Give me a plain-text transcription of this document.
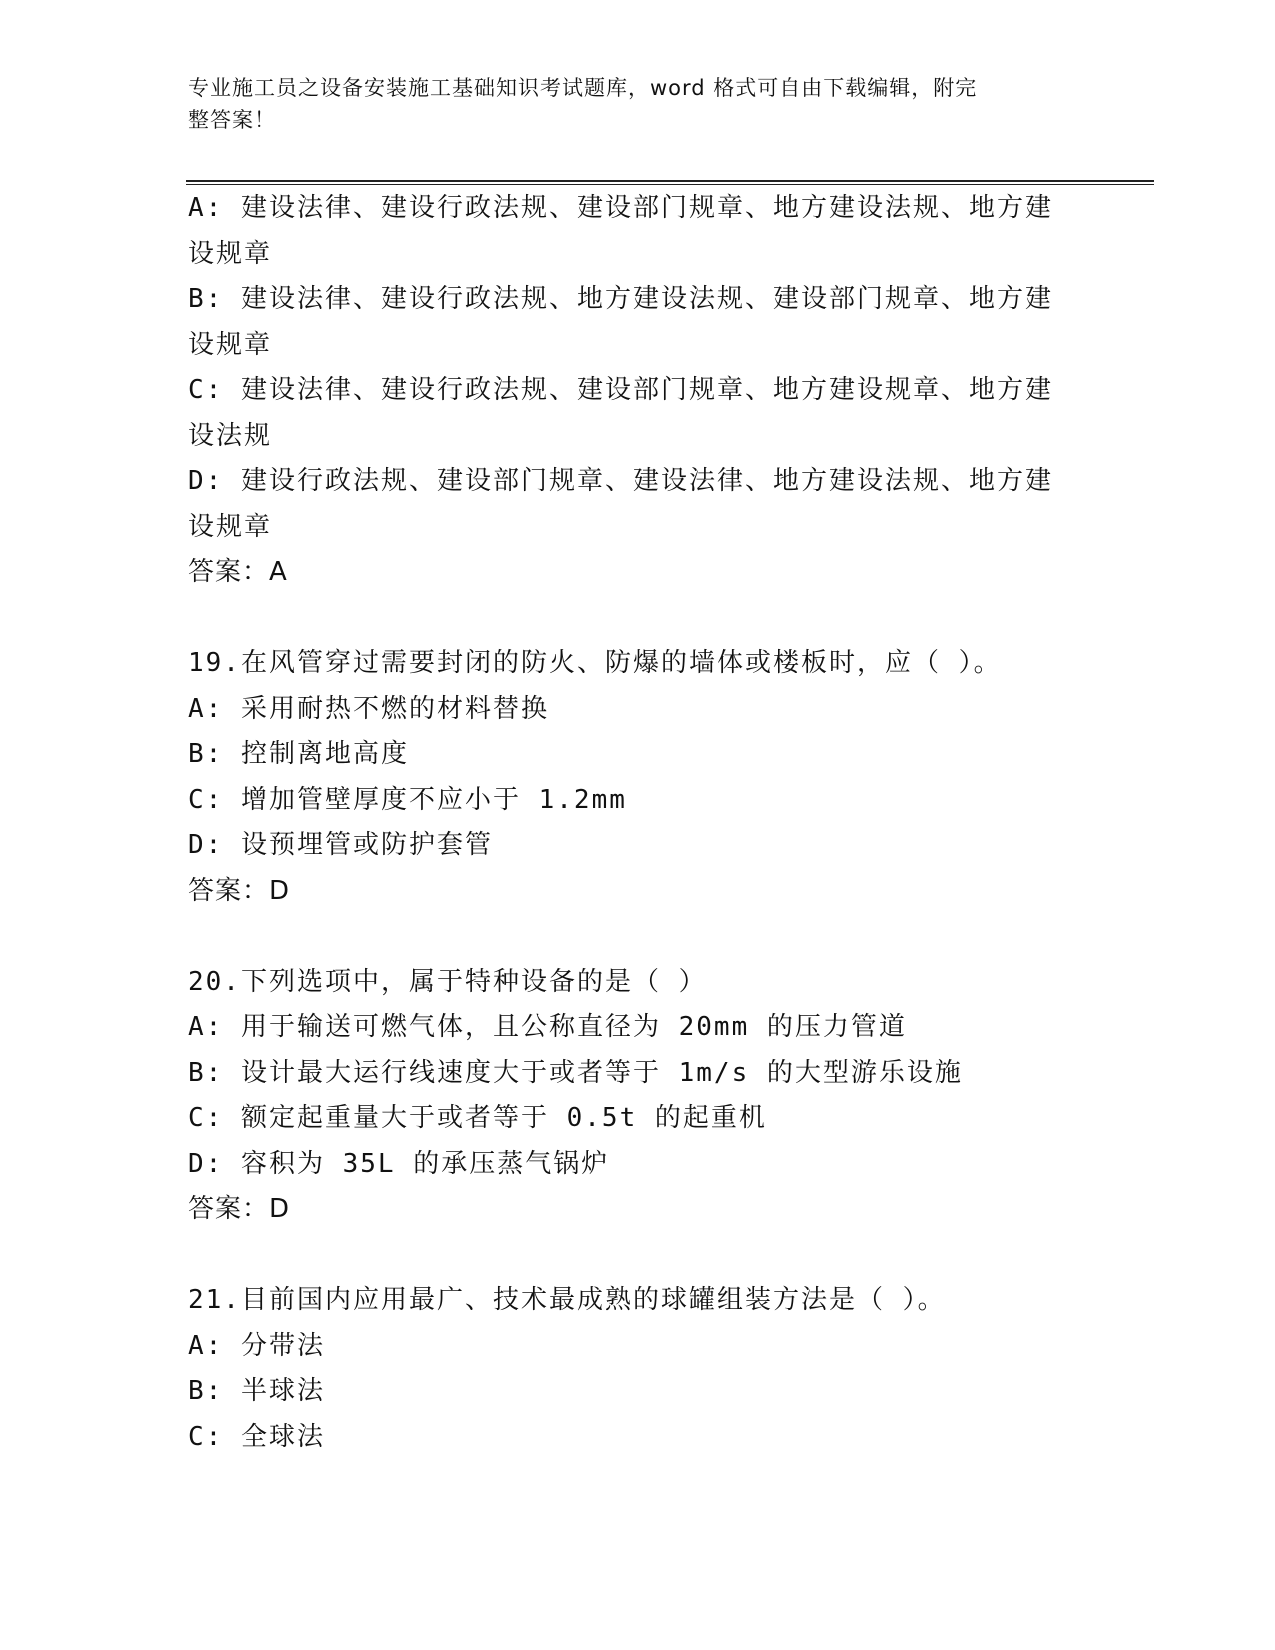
专业施工员之设备安装施工基础知识考试题库，word 格式可自由下载编辑，附完
整答案！

A: 建设法律、建设行政法规、建设部门规章、地方建设法规、地方建

设规章

B: 建设法律、建设行政法规、地方建设法规、建设部门规章、地方建

设规章

C: 建设法律、建设行政法规、建设部门规章、地方建设规章、地方建

设法规

D: 建设行政法规、建设部门规章、建设法律、地方建设法规、地方建

设规章

答案：A

19.在风管穿过需要封闭的防火、防爆的墙体或楼板时，应（ ）。

A: 采用耐热不燃的材料替换

B: 控制离地高度

C: 增加管壁厚度不应小于 1.2mm

D: 设预埋管或防护套管

答案：D

20.下列选项中，属于特种设备的是（ ）

A: 用于输送可燃气体，且公称直径为 20mm 的压力管道

B: 设计最大运行线速度大于或者等于 1m/s 的大型游乐设施

C: 额定起重量大于或者等于 0.5t 的起重机

D: 容积为 35L 的承压蒸气锅炉

答案：D

21.目前国内应用最广、技术最成熟的球罐组装方法是（ ）。

A: 分带法

B: 半球法

C: 全球法
